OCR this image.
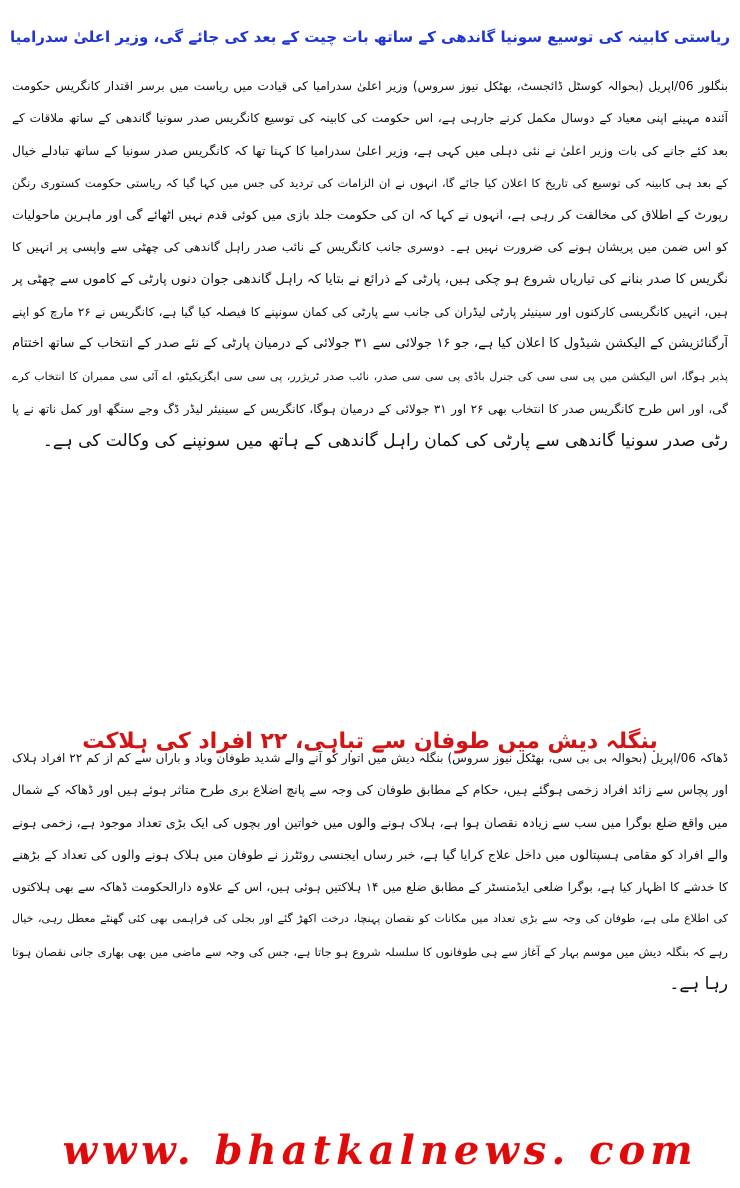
ریاستی کابینہ کی توسیع سونیا گاندھی کے ساتھ بات چیت کے بعد کی جائے گی، وزیر اعلیٰ سدرامیا
بنگلور 06/اپریل (بحوالہ کوسٹل ڈائجسٹ، بھٹکل نیوز سروس) وزیر اعلیٰ سدرامیا کی قیادت میں ریاست میں برسر اقتدار کانگریس حکومت
آئندہ مہینے اپنی معیاد کے دوسال مکمل کرنے جارہی ہے، اس حکومت کی کابینہ کی توسیع کانگریس صدر سونیا گاندھی کے ساتھ ملاقات کے
بعد کئے جانے کی بات وزیر اعلیٰ نے نئی دہلی میں کہی ہے، وزیر اعلیٰ سدرامیا کا کہنا تھا کہ کانگریس صدر سونیا کے ساتھ تبادلے خیال
کے بعد ہی کابینہ کی توسیع کی تاریخ کا اعلان کیا جائے گا، انہوں نے ان الزامات کی تردید کی جس میں کہا گیا کہ ریاستی حکومت کستوری رنگن
رپورٹ کے اطلاق کی مخالفت کر رہی ہے، انہوں نے کہا کہ ان کی حکومت جلد بازی میں کوئی قدم نہیں اٹھائے گی اور ماہرین ماحولیات
کو اس ضمن میں پریشان ہونے کی ضرورت نہیں ہے۔ دوسری جانب کانگریس کے نائب صدر راہل گاندھی کی چھٹی سے واپسی پر انہیں کا
نگریس کا صدر بنانے کی تیاریاں شروع ہو چکی ہیں، پارٹی کے ذرائع نے بتایا کہ راہل گاندھی جوان دنوں پارٹی کے کاموں سے چھٹی پر
ہیں، انہیں کانگریسی کارکنوں اور سینیئر پارٹی لیڈران کی جانب سے پارٹی کی کمان سونپنے کا فیصلہ کیا گیا ہے، کانگریس نے ۲۶ مارچ کو اپنے
آرگنائزیشن کے الیکشن شیڈول کا اعلان کیا ہے، جو ۱۶ جولائی سے ۳۱ جولائی کے درمیان پارٹی کے نئے صدر کے انتخاب کے ساتھ اختتام
پذیر ہوگا، اس الیکشن میں پی سی سی کی جنرل باڈی پی سی سی صدر، نائب صدر ٹریژرر، پی سی سی ایگزیکیٹو، اے آئی سی ممبران کا انتخاب کرے
گی، اور اس طرح کانگریس صدر کا انتخاب بھی ۲۶ اور ۳۱ جولائی کے درمیان ہوگا، کانگریس کے سینیئر لیڈر ڈگ وجے سنگھ اور کمل ناتھ نے پا
رٹی صدر سونیا گاندھی سے پارٹی کی کمان راہل گاندھی کے ہاتھ میں سونپنے کی وکالت کی ہے۔
بنگلہ دیش میں طوفان سے تباہی، ۲۲ افراد کی ہلاکت
ڈھاکہ 06/اپریل (بحوالہ بی بی سی، بھٹکل نیوز سروس) بنگلہ دیش میں اتوار کو آنے والے شدید طوفان وباد و باراں سے کم از کم ۲۲ افراد ہلاک
اور پچاس سے زائد افراد زخمی ہوگئے ہیں، حکام کے مطابق طوفان کی وجہ سے پانچ اضلاع بری طرح متاثر ہوئے ہیں اور ڈھاکہ کے شمال
میں واقع ضلع بوگرا میں سب سے زیادہ نقصان ہوا ہے، ہلاک ہونے والوں میں خواتین اور بچوں کی ایک بڑی تعداد موجود ہے، زخمی ہونے
والے افراد کو مقامی ہسپتالوں میں داخل علاج کرایا گیا ہے، خبر رساں ایجنسی روئٹرز نے طوفان میں ہلاک ہونے والوں کی تعداد کے بڑھنے
کا خدشے کا اظہار کیا ہے، بوگرا ضلعی ایڈمنسٹر کے مطابق ضلع میں ۱۴ ہلاکتیں ہوئی ہیں، اس کے علاوہ دارالحکومت ڈھاکہ سے بھی ہلاکتوں
کی اطلاع ملی ہے، طوفان کی وجہ سے بڑی تعداد میں مکانات کو نقصان پہنچا، درخت اکھڑ گئے اور بجلی کی فراہمی بھی کئی گھنٹے معطل رہی، خیال
رہے کہ بنگلہ دیش میں موسم بہار کے آغاز سے ہی طوفانوں کا سلسلہ شروع ہو جاتا ہے، جس کی وجہ سے ماضی میں بھی بھاری جانی نقصان ہوتا
رہا ہے۔
www. bhatkalnews. com
